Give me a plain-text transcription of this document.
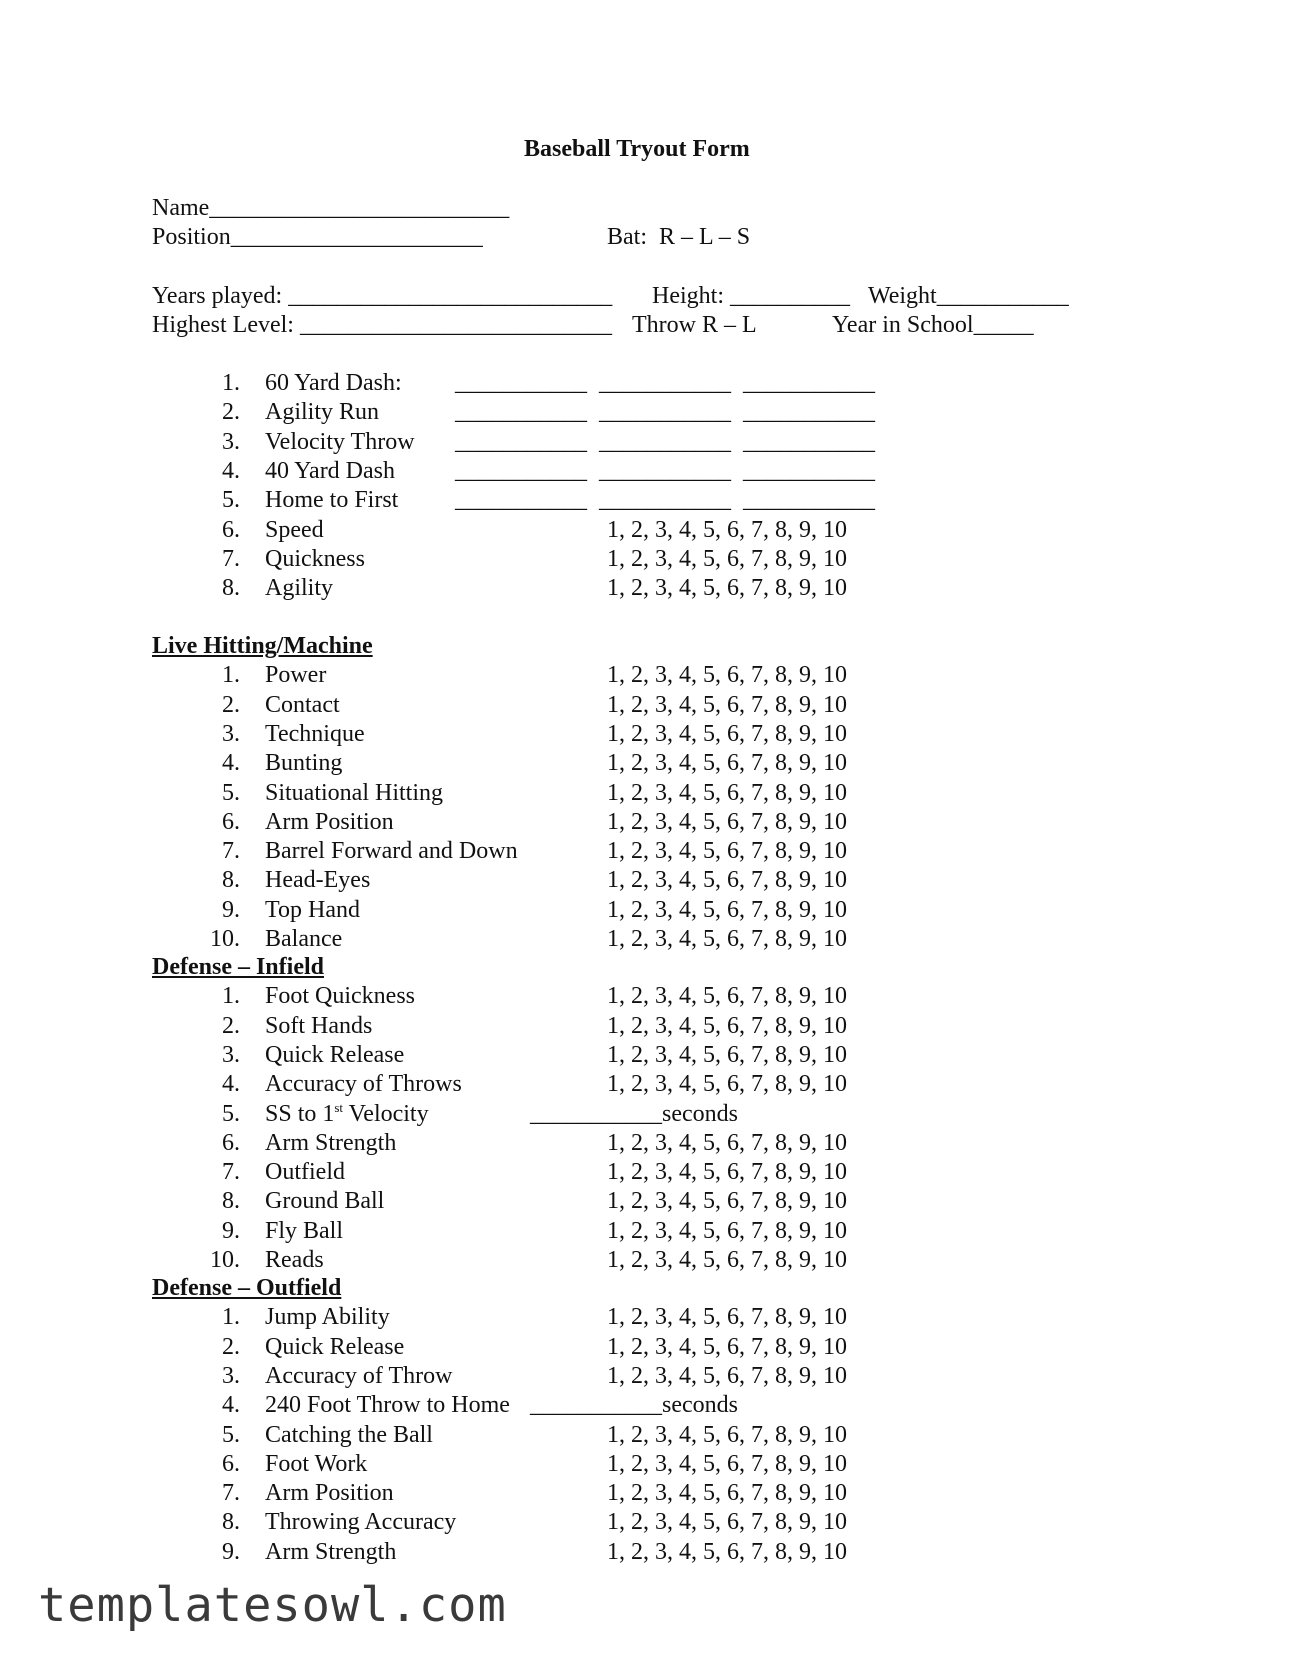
Baseball Tryout Form
Name_________________________
Position_____________________	Bat:  R – L – S
Years played: ___________________________ Height: __________ Weight___________
Highest Level: __________________________ Throw R – L	Year in School_____
1. 60 Yard Dash: ___________  ___________  ___________
2. Agility Run	___________  ___________  ___________
3. Velocity Throw ___________  ___________  ___________
4. 40 Yard Dash ___________  ___________  ___________
5. Home to First ___________  ___________  ___________
6. Speed	1, 2, 3, 4, 5, 6, 7, 8, 9, 10
7. Quickness	1, 2, 3, 4, 5, 6, 7, 8, 9, 10
8. Agility	1, 2, 3, 4, 5, 6, 7, 8, 9, 10
Live Hitting/Machine
1. Power	1, 2, 3, 4, 5, 6, 7, 8, 9, 10
2. Contact	1, 2, 3, 4, 5, 6, 7, 8, 9, 10
3. Technique	1, 2, 3, 4, 5, 6, 7, 8, 9, 10
4. Bunting	1, 2, 3, 4, 5, 6, 7, 8, 9, 10
5. Situational Hitting	1, 2, 3, 4, 5, 6, 7, 8, 9, 10
6. Arm Position	1, 2, 3, 4, 5, 6, 7, 8, 9, 10
7. Barrel Forward and Down	1, 2, 3, 4, 5, 6, 7, 8, 9, 10
8. Head-Eyes	1, 2, 3, 4, 5, 6, 7, 8, 9, 10
9. Top Hand	1, 2, 3, 4, 5, 6, 7, 8, 9, 10
10. Balance	1, 2, 3, 4, 5, 6, 7, 8, 9, 10
Defense – Infield
1. Foot Quickness	1, 2, 3, 4, 5, 6, 7, 8, 9, 10
2. Soft Hands	1, 2, 3, 4, 5, 6, 7, 8, 9, 10
3. Quick Release	1, 2, 3, 4, 5, 6, 7, 8, 9, 10
4. Accuracy of Throws	1, 2, 3, 4, 5, 6, 7, 8, 9, 10
5. SS to 1st Velocity	___________seconds
6. Arm Strength	1, 2, 3, 4, 5, 6, 7, 8, 9, 10
7. Outfield	1, 2, 3, 4, 5, 6, 7, 8, 9, 10
8. Ground Ball	1, 2, 3, 4, 5, 6, 7, 8, 9, 10
9. Fly Ball	1, 2, 3, 4, 5, 6, 7, 8, 9, 10
10. Reads	1, 2, 3, 4, 5, 6, 7, 8, 9, 10
Defense – Outfield
1. Jump Ability	1, 2, 3, 4, 5, 6, 7, 8, 9, 10
2. Quick Release	1, 2, 3, 4, 5, 6, 7, 8, 9, 10
3. Accuracy of Throw	1, 2, 3, 4, 5, 6, 7, 8, 9, 10
4. 240 Foot Throw to Home ___________seconds
5. Catching the Ball	1, 2, 3, 4, 5, 6, 7, 8, 9, 10
6. Foot Work	1, 2, 3, 4, 5, 6, 7, 8, 9, 10
7. Arm Position	1, 2, 3, 4, 5, 6, 7, 8, 9, 10
8. Throwing Accuracy	1, 2, 3, 4, 5, 6, 7, 8, 9, 10
9. Arm Strength	1, 2, 3, 4, 5, 6, 7, 8, 9, 10
templatesowl.com
